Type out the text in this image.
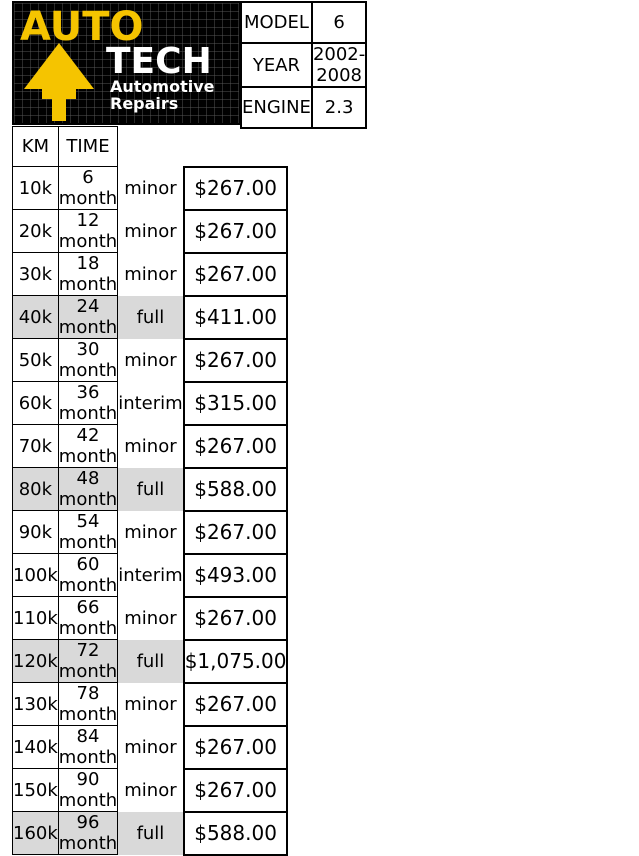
AUTO
TECH
Automotive
Repairs
MODEL	6
YEAR	2002-2008
ENGINE	2.3
KM	TIME		
10k	6 month	minor	$267.00
20k	12 month	minor	$267.00
30k	18 month	minor	$267.00
40k	24 month	full	$411.00
50k	30 month	minor	$267.00
60k	36 month	interim	$315.00
70k	42 month	minor	$267.00
80k	48 month	full	$588.00
90k	54 month	minor	$267.00
100k	60 month	interim	$493.00
110k	66 month	minor	$267.00
120k	72 month	full	$1,075.00
130k	78 month	minor	$267.00
140k	84 month	minor	$267.00
150k	90 month	minor	$267.00
160k	96 month	full	$588.00
